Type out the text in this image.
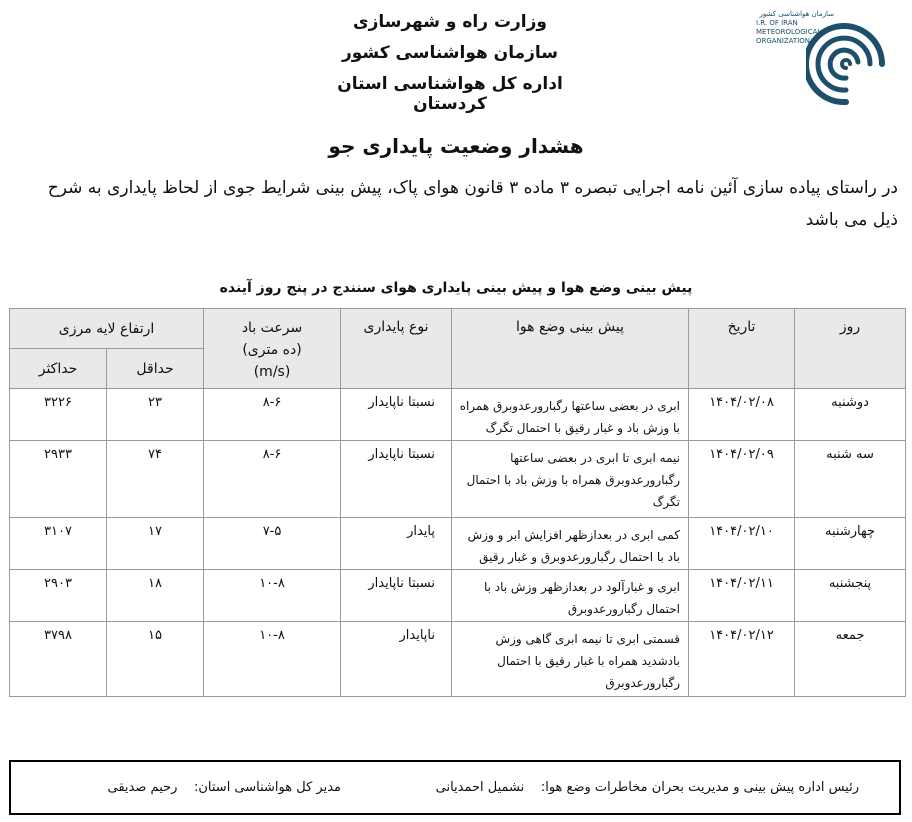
وزارت راه و شهرسازی
سازمان هواشناسی کشور
اداره کل هواشناسی استان کردستان
سازمان هواشناسی کشور
I.R. OF IRAN
METEOROLOGICAL
ORGANIZATION
هشدار وضعیت پایداری جو
در راستای پیاده سازی آئین نامه اجرایی تبصره ۳ ماده ۳ قانون هوای پاک، پیش بینی شرایط جوی از لحاظ پایداری به شرح ذیل می باشد
پیش بینی وضع هوا و پیش بینی پایداری هوای سنندج در پنج روز آینده
ارتفاع لایه مرزی		سرعت باد
(ده متری)
(m/s)	نوع پایداری	پیش بینی وضع هوا	تاریخ	روز
حداکثر	حداقل					
۳۲۲۶	۲۳	۸-۶	نسبتا ناپایدار	ابری در بعضی ساعتها رگبارورعدوبرق همراه با وزش باد و غبار رقیق با احتمال تگرگ	۱۴۰۴/۰۲/۰۸	دوشنبه
۲۹۳۳	۷۴	۸-۶	نسبتا ناپایدار	نیمه ابری تا ابری در بعضی ساعتها رگبارورعدوبرق همراه با وزش باد با احتمال تگرگ	۱۴۰۴/۰۲/۰۹	سه شنبه
۳۱۰۷	۱۷	۷-۵	پایدار	کمی ابری در بعدازظهر افزایش ابر و وزش باد با احتمال رگبارورعدوبرق و غبار رقیق	۱۴۰۴/۰۲/۱۰	چهارشنبه
۲۹۰۳	۱۸	۱۰-۸	نسبتا ناپایدار	ابری و غبارآلود در بعدازظهر وزش باد با احتمال رگبارورعدوبرق	۱۴۰۴/۰۲/۱۱	پنجشنبه
۳۷۹۸	۱۵	۱۰-۸	ناپایدار	قسمتی ابری تا نیمه ابری گاهی وزش بادشدید همراه با غبار رقیق با احتمال رگبارورعدوبرق	۱۴۰۴/۰۲/۱۲	جمعه
رئیس اداره پیش بینی و مدیریت بحران مخاطرات وضع هوا:    نشمیل احمدیانی
مدیر کل هواشناسی استان:    رحیم صدیقی
